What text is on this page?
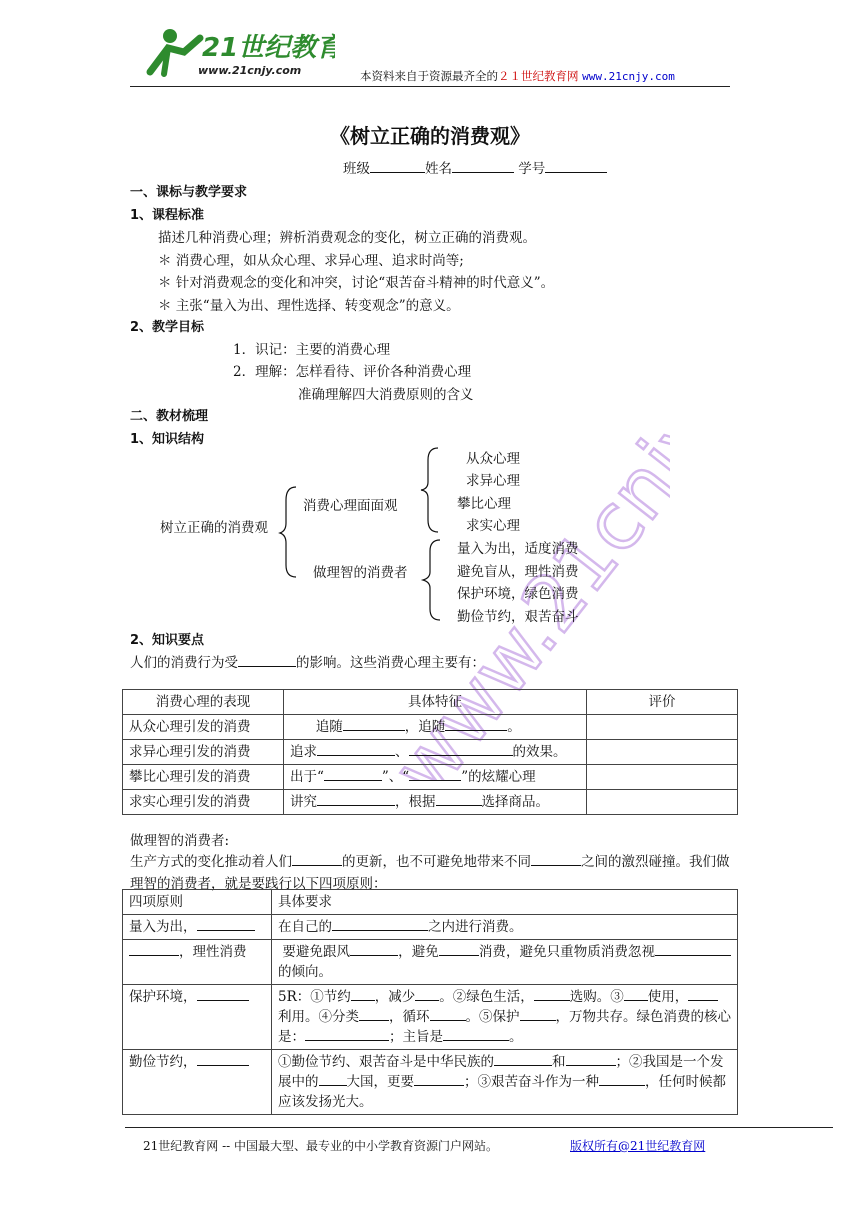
21世纪教育
www.21cnjy.com	本资料来自于资源最齐全的２１世纪教育网 www.21cnjy.com
www.21cnjy.com
《树立正确的消费观》
班级	姓名	学号
一、课标与教学要求
1、课程标准
描述几种消费心理；辨析消费观念的变化，树立正确的消费观。
＊ 消费心理，如从众心理、求异心理、追求时尚等;
＊ 针对消费观念的变化和冲突，讨论“艰苦奋斗精神的时代意义”。
＊ 主张“量入为出、理性选择、转变观念”的意义。
2、教学目标
1．识记：主要的消费心理
2．理解：怎样看待、评价各种消费心理
准确理解四大消费原则的含义
二、教材梳理
1、知识结构
树立正确的消费观
消费心理面面观
做理智的消费者
从众心理
求异心理
攀比心理
求实心理
量入为出，适度消费
避免盲从，理性消费
保护环境，绿色消费
勤俭节约，艰苦奋斗
2、知识要点
人们的消费行为受	的影响。这些消费心理主要有：
消费心理的表现	具体特征	评价
从众心理引发的消费	追随 ，追随 。	
求异心理引发的消费	追求 、 的效果。	
攀比心理引发的消费	出于“ ”、“ ”的炫耀心理	
求实心理引发的消费	讲究 ，根据 选择商品。	
做理智的消费者:
生产方式的变化推动着人们	的更新，也不可避免地带来不同	之间的激烈碰撞。我们做理智的消费者，就是要践行以下四项原则：
四项原则	具体要求
量入为出，	在自己的 之内进行消费。
，理性消费	要避免跟风 ，避免 消费，避免只重物质消费忽视的倾向。
保护环境，	5R：①节约 ，减少 。②绿色生活， 选购。③ 使用，利用。④分类 ，循环 。⑤保护 ，万物共存。绿色消费的核心是： ；主旨是 。
勤俭节约，	①勤俭节约、艰苦奋斗是中华民族的 和 ；②我国是一个发展中的 大国，更要 ；③艰苦奋斗作为一种 ，任何时候都应该发扬光大。
21世纪教育网 -- 中国最大型、最专业的中小学教育资源门户网站。	版权所有@21世纪教育网
